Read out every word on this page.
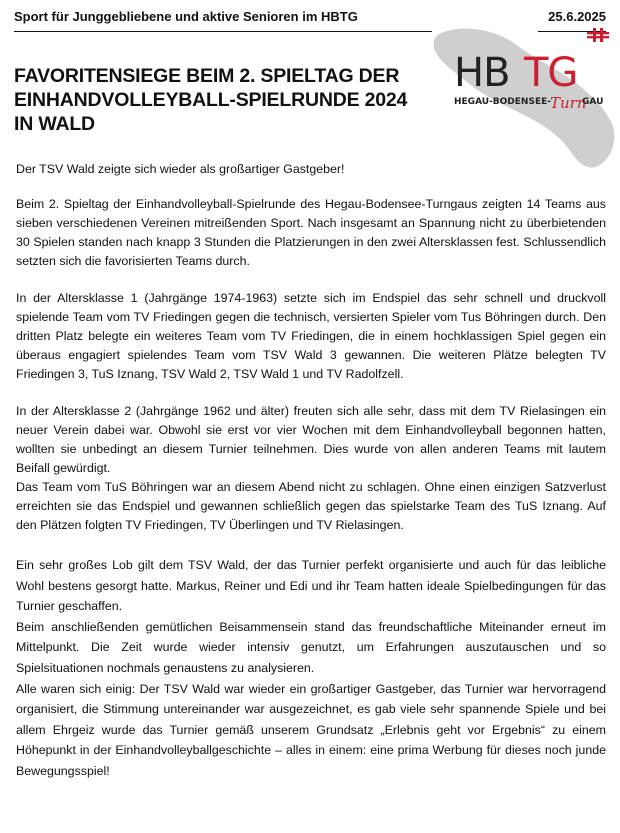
Sport für Junggebliebene und aktive Senioren im HBTG	25.6.2025
HB TG
HEGAU-BODENSEE- Turn
GAU
FAVORITENSIEGE BEIM 2. SPIELTAG DER EINHANDVOLLEYBALL-SPIELRUNDE 2024 IN WALD

Der TSV Wald zeigte sich wieder als großartiger Gastgeber!

Beim 2. Spieltag der Einhandvolleyball-Spielrunde des Hegau-Bodensee-Turngaus zeigten 14 Teams aus sieben verschiedenen Vereinen mitreißenden Sport. Nach insgesamt an Spannung nicht zu überbietenden 30 Spielen standen nach knapp 3 Stunden die Platzierungen in den zwei Altersklassen fest. Schlussendlich setzten sich die favorisierten Teams durch.

In der Altersklasse 1 (Jahrgänge 1974-1963) setzte sich im Endspiel das sehr schnell und druckvoll spielende Team vom TV Friedingen gegen die technisch, versierten Spieler vom Tus Böhringen durch. Den dritten Platz belegte ein weiteres Team vom TV Friedingen, die in einem hochklassigen Spiel gegen ein überaus engagiert spielendes Team vom TSV Wald 3 gewannen. Die weiteren Plätze belegten TV Friedingen 3, TuS Iznang, TSV Wald 2, TSV Wald 1 und TV Radolfzell.

In der Altersklasse 2 (Jahrgänge 1962 und älter) freuten sich alle sehr, dass mit dem TV Rielasingen ein neuer Verein dabei war. Obwohl sie erst vor vier Wochen mit dem Einhandvolleyball begonnen hatten, wollten sie unbedingt an diesem Turnier teilnehmen. Dies wurde von allen anderen Teams mit lautem Beifall gewürdigt.

Das Team vom TuS Böhringen war an diesem Abend nicht zu schlagen. Ohne einen einzigen Satzverlust erreichten sie das Endspiel und gewannen schließlich gegen das spielstarke Team des TuS Iznang. Auf den Plätzen folgten TV Friedingen, TV Überlingen und TV Rielasingen.

Ein sehr großes Lob gilt dem TSV Wald, der das Turnier perfekt organisierte und auch für das leibliche Wohl bestens gesorgt hatte. Markus, Reiner und Edi und ihr Team hatten ideale Spielbedingungen für das Turnier geschaffen.

Beim anschließenden gemütlichen Beisammensein stand das freundschaftliche Miteinander erneut im Mittelpunkt. Die Zeit wurde wieder intensiv genutzt, um Erfahrungen auszutauschen und so Spielsituationen nochmals genaustens zu analysieren.

Alle waren sich einig: Der TSV Wald war wieder ein großartiger Gastgeber, das Turnier war hervorragend organisiert, die Stimmung untereinander war ausgezeichnet, es gab viele sehr spannende Spiele und bei allem Ehrgeiz wurde das Turnier gemäß unserem Grundsatz „Erlebnis geht vor Ergebnis“ zu einem Höhepunkt in der Einhandvolleyballgeschichte – alles in einem: eine prima Werbung für dieses noch junde Bewegungsspiel!
